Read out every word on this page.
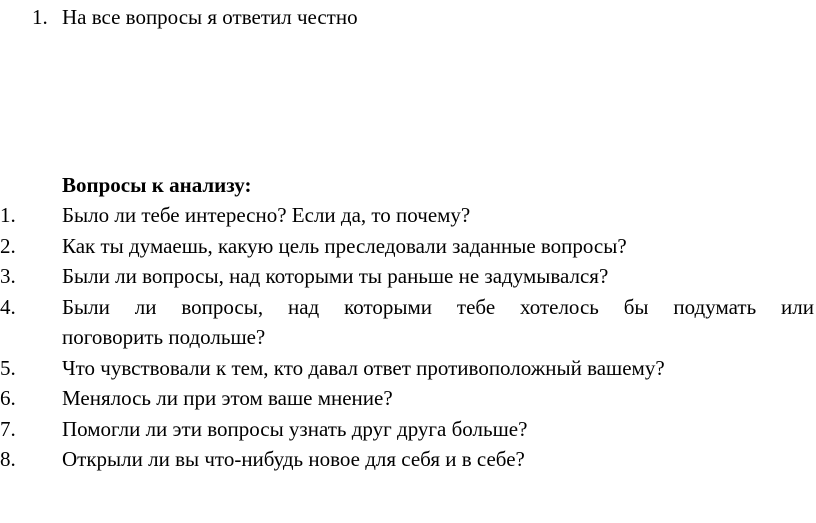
1. На все вопросы я ответил честно
Вопросы к анализу:
1. Было ли тебе интересно? Если да, то почему?
2. Как ты думаешь, какую цель преследовали заданные вопросы?
3. Были ли вопросы, над которыми ты раньше не задумывался?
4. Были ли вопросы, над которыми тебе хотелось бы подумать или
поговорить подольше?
5. Что чувствовали к тем, кто давал ответ противоположный вашему?
6. Менялось ли при этом ваше мнение?
7. Помогли ли эти вопросы узнать друг друга больше?
8. Открыли ли вы что-нибудь новое для себя и в себе?
